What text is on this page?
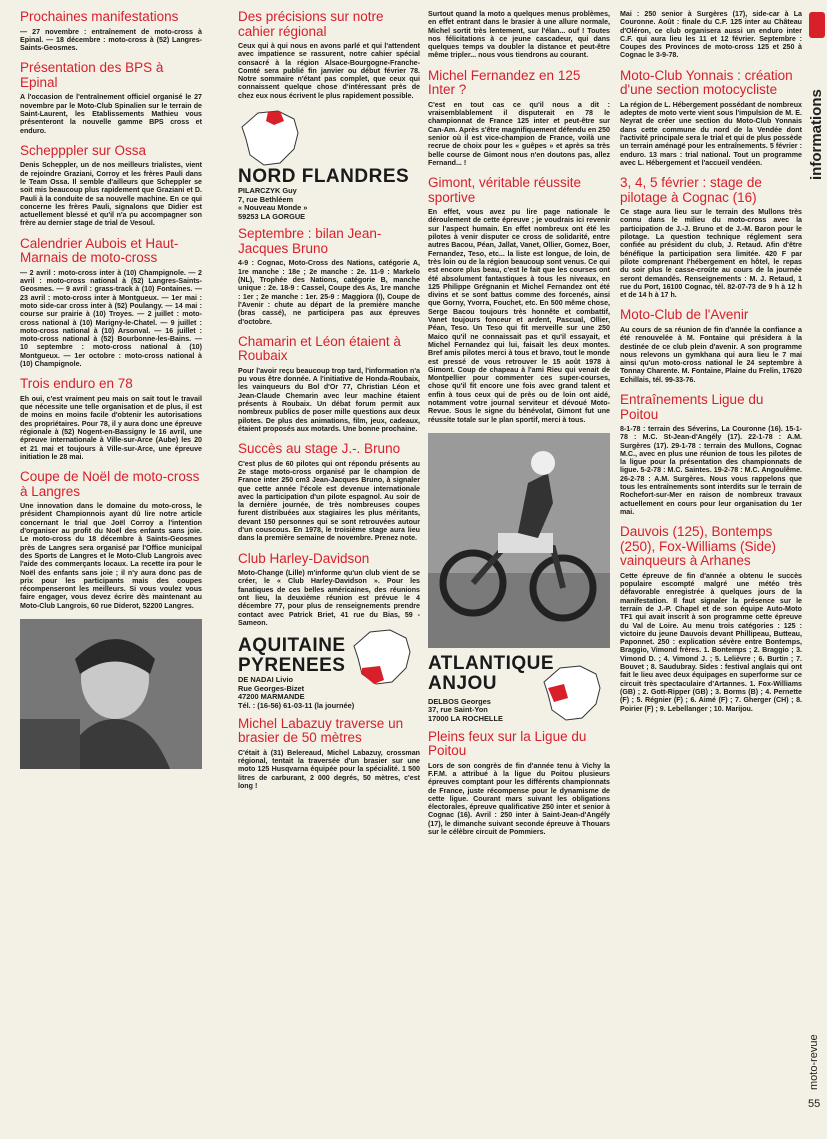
Prochaines manifestations

— 27 novembre : entraînement de moto-cross à Epinal. — 18 décembre : moto-cross à (52) Langres-Saints-Geosmes.

Présentation des BPS à Epinal

A l'occasion de l'entraînement officiel organisé le 27 novembre par le Moto-Club Spinalien sur le terrain de Saint-Laurent, les Etablissements Mathieu vous présenteront la nouvelle gamme BPS cross et enduro.

Schepppler sur Ossa

Denis Scheppler, un de nos meilleurs trialistes, vient de rejoindre Graziani, Corroy et les frères Pauli dans le Team Ossa. Il semble d'ailleurs que Scheppler se soit mis beaucoup plus rapidement que Graziani et D. Pauli à la conduite de sa nouvelle machine. En ce qui concerne les frères Pauli, signalons que Didier est actuellement blessé et qu'il n'a pu accompagner son frère au dernier stage de trial de Vesoul.

Calendrier Aubois et Haut-Marnais de moto-cross

— 2 avril : moto-cross inter à (10) Champignole. — 2 avril : moto-cross national à (52) Langres-Saints-Geosmes. — 9 avril : grass-track à (10) Fontaines. — 23 avril : moto-cross inter à Montgueux. — 1er mai : moto side-car cross inter à (52) Poulangy. — 14 mai : course sur prairie à (10) Troyes. — 2 juillet : moto-cross national à (10) Marigny-le-Chatel. — 9 juillet : moto-cross national à (10) Arsonval. — 16 juillet : moto-cross national à (52) Bourbonne-les-Bains. — 10 septembre : moto-cross national à (10) Montgueux. — 1er octobre : moto-cross national à (10) Champignole.

Trois enduro en 78

Eh oui, c'est vraiment peu mais on sait tout le travail que nécessite une telle organisation et de plus, il est de moins en moins facile d'obtenir les autorisations des propriétaires. Pour 78, il y aura donc une épreuve régionale à (52) Nogent-en-Bassigny le 16 avril, une épreuve internationale à Ville-sur-Arce (Aube) les 20 et 21 mai et toujours à Ville-sur-Arce, une épreuve initiation le 28 mai.

Coupe de Noël de moto-cross à Langres

Une innovation dans le domaine du moto-cross, le président Championnois ayant dû lire notre article concernant le trial que Joël Corroy a l'intention d'organiser au profit du Noël des enfants sans joie. Le moto-cross du 18 décembre à Saints-Geosmes près de Langres sera organisé par l'Office municipal des Sports de Langres et le Moto-Club Langrois avec l'aide des commerçants locaux. La recette ira pour le Noël des enfants sans joie ; il n'y aura donc pas de prix pour les participants mais des coupes récompenseront les meilleurs. Si vous voulez vous faire engager, vous devez écrire dès maintenant au Moto-Club Langrois, 60 rue Diderot, 52200 Langres.

Des précisions sur notre cahier régional

Ceux qui à qui nous en avons parlé et qui l'attendent avec impatience se rassurent, notre cahier spécial consacré à la région Alsace-Bourgogne-Franche-Comté sera publié fin janvier ou début février 78. Notre sommaire n'étant pas complet, que ceux qui connaissent quelque chose d'intéressant près de chez eux nous écrivent le plus rapidement possible.

NORD FLANDRES
PILARCZYK Guy
7, rue Bethléem
« Nouveau Monde »
59253 LA GORGUE
Septembre : bilan Jean-Jacques Bruno

4-9 : Cognac, Moto-Cross des Nations, catégorie A, 1re manche : 18e ; 2e manche : 2e. 11-9 : Markelo (NL), Trophée des Nations, catégorie B, manche unique : 2e. 18-9 : Cassel, Coupe des As, 1re manche : 1er ; 2e manche : 1er. 25-9 : Maggiora (I), Coupe de l'Avenir : chute au départ de la première manche (bras cassé), ne participera pas aux épreuves d'octobre.

Chamarin et Léon étaient à Roubaix

Pour l'avoir reçu beaucoup trop tard, l'information n'a pu vous être donnée. A l'initiative de Honda-Roubaix, les vainqueurs du Bol d'Or 77, Christian Léon et Jean-Claude Chemarin avec leur machine étaient présents à Roubaix. Un débat forum permit aux nombreux publics de poser mille questions aux deux pilotes. De plus des animations, film, jeux, cadeaux, étaient proposés aux motards. Une bonne prochaine.

Succès au stage J.-. Bruno

C'est plus de 60 pilotes qui ont répondu présents au 2e stage moto-cross organisé par le champion de France inter 250 cm3 Jean-Jacques Bruno, à signaler que cette année l'école est devenue internationale avec la participation d'un pilote espagnol. Au soir de la dernière journée, de très nombreuses coupes furent distribuées aux stagiaires les plus méritants, devant 150 personnes qui se sont retrouvées autour d'un couscous. En 1978, le troisième stage aura lieu dans la première semaine de novembre. Prenez note.

Club Harley-Davidson

Moto-Change (Lille) m'informe qu'un club vient de se créer, le « Club Harley-Davidson ». Pour les fanatiques de ces belles américaines, des réunions ont lieu, la deuxième réunion est prévue le 4 décembre 77, pour plus de renseignements prendre contact avec Patrick Briet, 41 rue du Bias, 59 - Sameon.

AQUITAINE
PYRENEES
DE NADAI Livio
Rue Georges-Bizet
47200 MARMANDE
Tél. : (16-56) 61-03-11 (la journée)
Michel Labazuy traverse un brasier de 50 mètres

C'était à (31) Belereaud, Michel Labazuy, crossman régional, tentait la traversée d'un brasier sur une moto 125 Husqvarna équipée pour la spécialité. 1 500 litres de carburant, 2 000 degrés, 50 mètres, c'est long !

Surtout quand la moto a quelques menus problèmes, en effet entrant dans le brasier à une allure normale, Michel sortit très lentement, sur l'élan... ouf ! Toutes nos félicitations à ce jeune cascadeur, qui dans quelques temps va doubler la distance et peut-être même tripler... nous vous tiendrons au courant.

Michel Fernandez en 125 Inter ?

C'est en tout cas ce qu'il nous a dit : vraisemblablement il disputerait en 78 le championnat de France 125 inter et peut-être sur Can-Am. Après s'être magnifiquement défendu en 250 senior où il est vice-champion de France, voilà une recrue de choix pour les « guêpes » et après sa très belle course de Gimont nous n'en doutons pas, allez Fernand... !

Gimont, véritable réussite sportive

En effet, vous avez pu lire page nationale le déroulement de cette épreuve ; je voudrais ici revenir sur l'aspect humain. En effet nombreux ont été les pilotes à venir disputer ce cross de solidarité, entre autres Bacou, Péan, Jallat, Vanet, Ollier, Gomez, Boer, Fernandez, Teso, etc... la liste est longue, de loin, de très loin ou de la région beaucoup sont venus. Ce qui est encore plus beau, c'est le fait que les courses ont été absolument fantastiques à tous les niveaux, en 125 Philippe Grégnanin et Michel Fernandez ont été divins et se sont battus comme des forcenés, ainsi que Gorny, Yvorra, Fouchet, etc. En 500 même chose, Serge Bacou toujours très honnête et combattif, Vanet toujours fonceur et ardent, Pascual, Ollier, Péan, Teso. Un Teso qui fit merveille sur une 250 Maico qu'il ne connaissait pas et qu'il essayait, et Michel Fernandez qui lui, faisait les deux montes. Bref amis pilotes merci à tous et bravo, tout le monde est pressé de vous retrouver le 15 août 1978 à Gimont. Coup de chapeau à l'ami Rieu qui venait de Montpellier pour commenter ces super-courses, chose qu'il fit encore une fois avec grand talent et enfin à tous ceux qui de près ou de loin ont aidé, notamment votre journal serviteur et dévoué Moto-Revue. Sous le signe du bénévolat, Gimont fut une réussite totale sur le plan sportif, merci à tous.

ATLANTIQUE
ANJOU
DELBOS Georges
37, rue Saint-Yon
17000 LA ROCHELLE
Pleins feux sur la Ligue du Poitou

Lors de son congrès de fin d'année tenu à Vichy la F.F.M. a attribué à la ligue du Poitou plusieurs épreuves comptant pour les différents championnats de France, juste récompense pour le dynamisme de cette ligue. Courant mars suivant les obligations électorales, épreuve qualificative 250 inter et senior à Cognac (16). Avril : 250 inter à Saint-Jean-d'Angély (17), le dimanche suivant seconde épreuve à Thouars sur le célèbre circuit de Pommiers.

Mai : 250 senior à Surgères (17), side-car à La Couronne. Août : finale du C.F. 125 inter au Château d'Oléron, ce club organisera aussi un enduro inter C.F. qui aura lieu les 11 et 12 février. Septembre : Coupes des Provinces de moto-cross 125 et 250 à Cognac le 3-9-78.

Moto-Club Yonnais : création d'une section motocycliste

La région de L. Hébergement possédant de nombreux adeptes de moto verte vient sous l'impulsion de M. E. Neyrat de créer une section du Moto-Club Yonnais dans cette commune du nord de la Vendée dont l'activité principale sera le trial et qui de plus possède un terrain aménagé pour les entraînements. 5 février : enduro. 13 mars : trial national. Tout un programme avec L. Hébergement et l'accueil vendéen.

3, 4, 5 février : stage de pilotage à Cognac (16)

Ce stage aura lieu sur le terrain des Mullons très connu dans le milieu du moto-cross avec la participation de J.-J. Bruno et de J.-M. Baron pour le pilotage. La question technique réglement sera confiée au président du club, J. Retaud. Afin d'être bénéfique la participation sera limitée. 420 F par pilote comprenant l'hébergement en hôtel, le repas du soir plus le casse-croûte au cours de la journée seront demandés. Renseignements : M. J. Retaud, 1 rue du Port, 16100 Cognac, tél. 82-07-73 de 9 h à 12 h et de 14 h à 17 h.

Moto-Club de l'Avenir

Au cours de sa réunion de fin d'année la confiance a été renouvelée à M. Fontaine qui présidera à la destinée de ce club plein d'avenir. A son programme nous relevons un gymkhana qui aura lieu le 7 mai ainsi qu'un moto-cross national le 24 septembre à Tonnay Charente. M. Fontaine, Plaine du Frelin, 17620 Echillais, tél. 99-33-76.

Entraînements Ligue du Poitou

8-1-78 : terrain des Séverins, La Couronne (16). 15-1-78 : M.C. St-Jean-d'Angély (17). 22-1-78 : A.M. Surgères (17). 29-1-78 : terrain des Mullons, Cognac M.C., avec en plus une réunion de tous les pilotes de la ligue pour la présentation des championnats de ligue. 5-2-78 : M.C. Saintes. 19-2-78 : M.C. Angoulême. 26-2-78 : A.M. Surgères. Nous vous rappelons que tous les entraînements sont interdits sur le terrain de Rochefort-sur-Mer en raison de nombreux travaux actuellement en cours pour leur organisation du 1er mai.

Dauvois (125), Bontemps (250), Fox-Williams (Side) vainqueurs à Arhanes

Cette épreuve de fin d'année a obtenu le succès populaire escompté malgré une météo très défavorable enregistrée à quelques jours de la manifestation. Il faut signaler la présence sur le terrain de J.-P. Chapel et de son équipe Auto-Moto TF1 qui avait inscrit à son programme cette épreuve du Val de Loire. Au menu trois catégories : 125 : victoire du jeune Dauvois devant Phillipeau, Butteau, Paponnet. 250 : explication sévère entre Bontemps, Braggio, Vimond frères. 1. Bontemps ; 2. Braggio ; 3. Vimond D. ; 4. Vimond J. ; 5. Lelièvre ; 6. Burtin ; 7. Bouvet ; 8. Saudubray. Sides : festival anglais qui ont fait le lieu avec deux équipages en superforme sur ce circuit très spectaculaire d'Artannes. 1. Fox-Williams (GB) ; 2. Gott-Ripper (GB) ; 3. Borms (B) ; 4. Pernette (F) ; 5. Régnier (F) ; 6. Aimé (F) ; 7. Gherger (CH) ; 8. Poirier (F) ; 9. Lebellanger ; 10. Marijou.

informations
moto-revue
55
